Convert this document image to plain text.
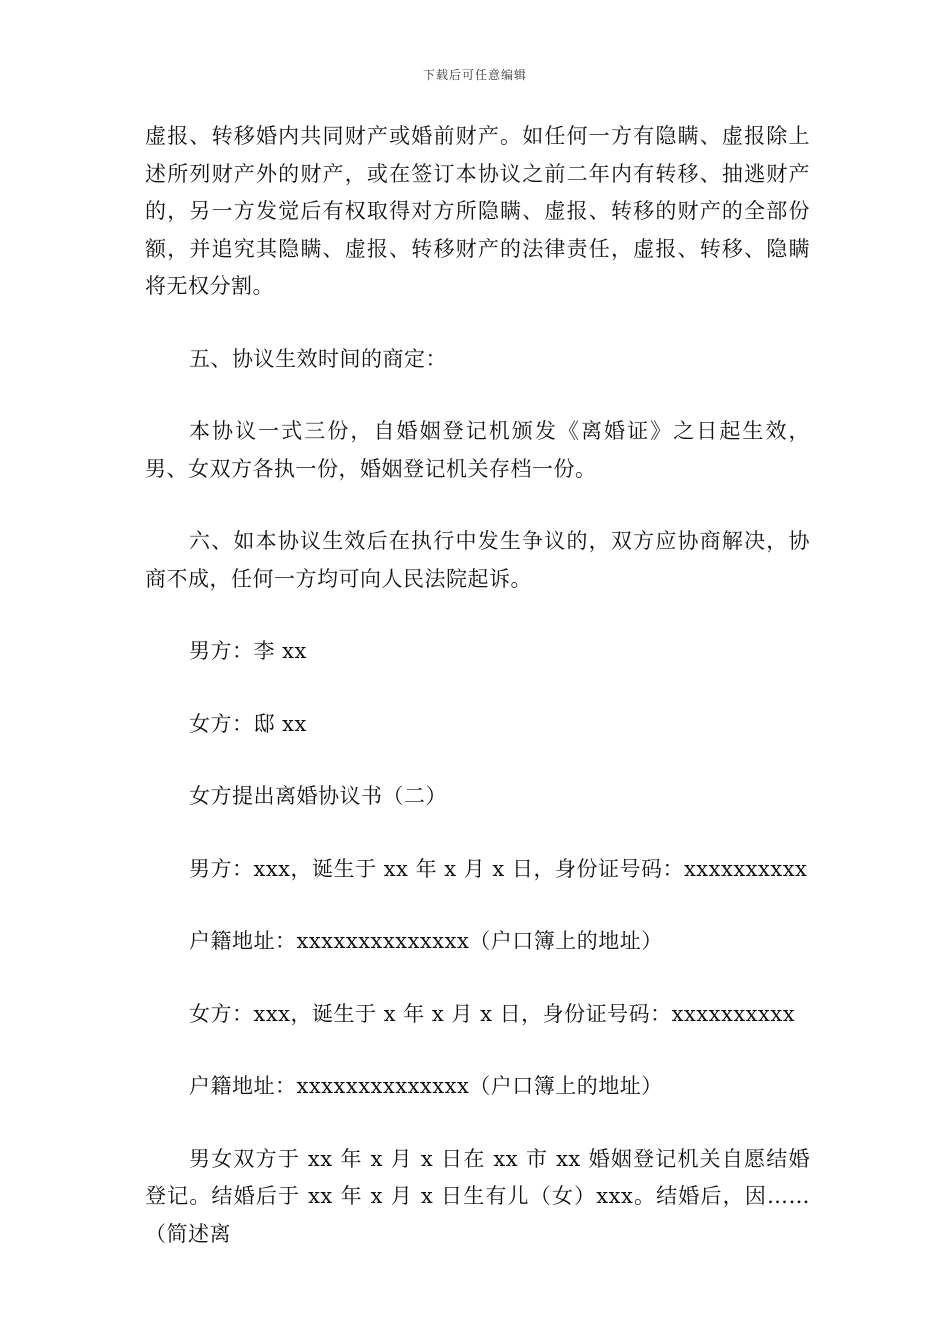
下载后可任意编辑

虚报、转移婚内共同财产或婚前财产。如任何一方有隐瞒、虚报除上述所列财产外的财产，或在签订本协议之前二年内有转移、抽逃财产的，另一方发觉后有权取得对方所隐瞒、虚报、转移的财产的全部份额，并追究其隐瞒、虚报、转移财产的法律责任，虚报、转移、隐瞒将无权分割。

五、协议生效时间的商定：

本协议一式三份，自婚姻登记机颁发《离婚证》之日起生效，男、女双方各执一份，婚姻登记机关存档一份。

六、如本协议生效后在执行中发生争议的，双方应协商解决，协商不成，任何一方均可向人民法院起诉。

男方：李 xx

女方：邸 xx

女方提出离婚协议书（二）

男方：xxx，诞生于 xx 年 x 月 x 日，身份证号码：xxxxxxxxxx

户籍地址：xxxxxxxxxxxxxx（户口簿上的地址）

女方：xxx，诞生于 x 年 x 月 x 日，身份证号码：xxxxxxxxxx

户籍地址：xxxxxxxxxxxxxx（户口簿上的地址）

男女双方于 xx 年 x 月 x 日在 xx 市 xx 婚姻登记机关自愿结婚登记。结婚后于 xx 年 x 月 x 日生有儿（女）xxx。结婚后，因……（简述离
